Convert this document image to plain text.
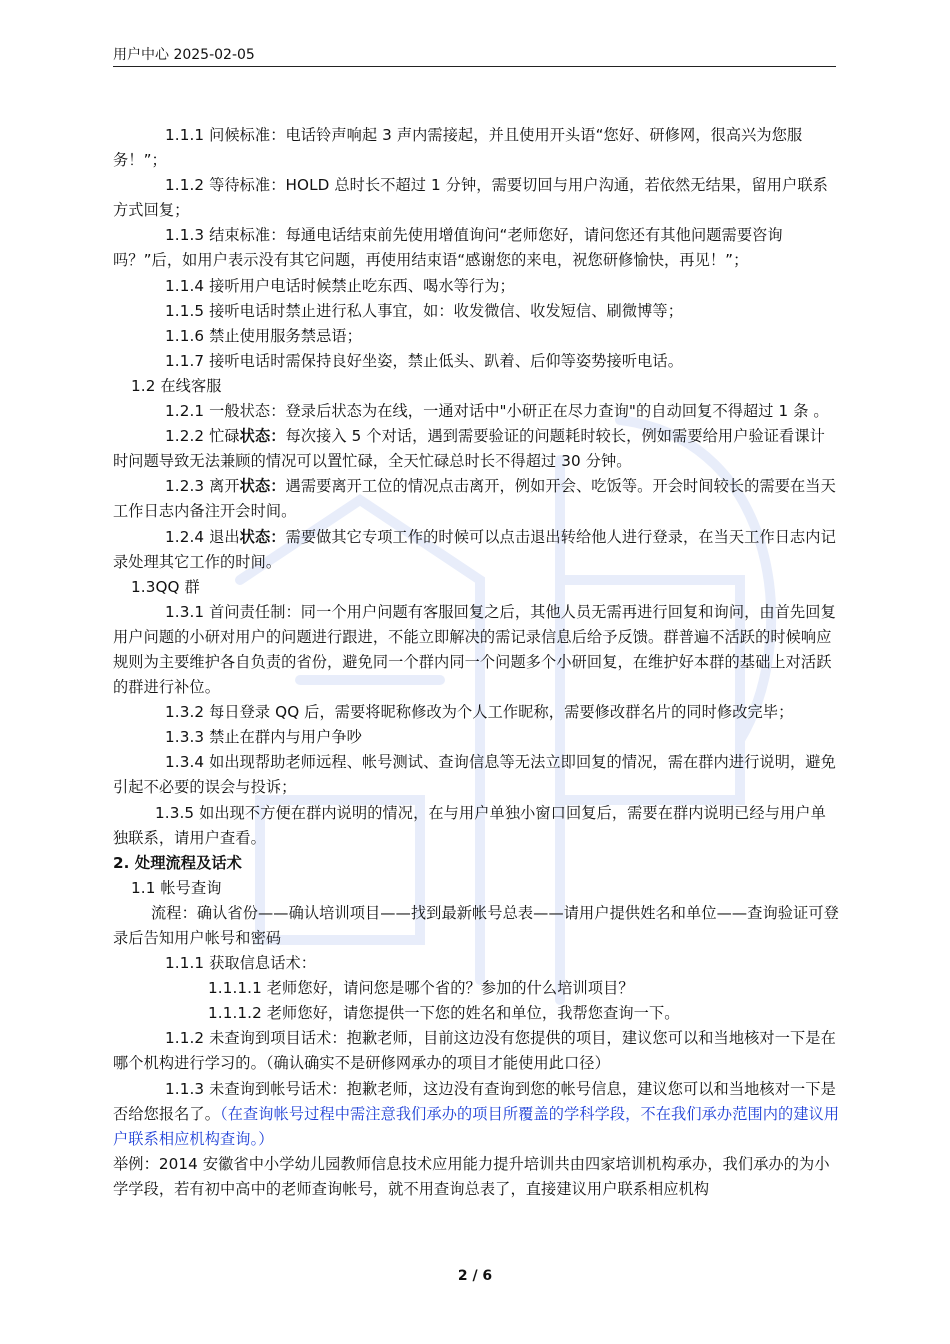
用户中心 2025-02-05

1.1.1 问候标准：电话铃声响起 3 声内需接起，并且使用开头语“您好、研修网，很高兴为您服务！”；

1.1.2 等待标准：HOLD 总时长不超过 1 分钟，需要切回与用户沟通，若依然无结果，留用户联系方式回复；

1.1.3 结束标准：每通电话结束前先使用增值询问“老师您好，请问您还有其他问题需要咨询吗？”后，如用户表示没有其它问题，再使用结束语“感谢您的来电，祝您研修愉快，再见！”；

1.1.4 接听用户电话时候禁止吃东西、喝水等行为；

1.1.5 接听电话时禁止进行私人事宜，如：收发微信、收发短信、刷微博等；

1.1.6 禁止使用服务禁忌语；

1.1.7 接听电话时需保持良好坐姿，禁止低头、趴着、后仰等姿势接听电话。

1.2 在线客服

1.2.1 一般状态：登录后状态为在线，一通对话中"小研正在尽力查询"的自动回复不得超过 1 条 。

1.2.2 忙碌状态：每次接入 5 个对话，遇到需要验证的问题耗时较长，例如需要给用户验证看课计时问题导致无法兼顾的情况可以置忙碌，全天忙碌总时长不得超过 30 分钟。

1.2.3 离开状态：遇需要离开工位的情况点击离开，例如开会、吃饭等。开会时间较长的需要在当天工作日志内备注开会时间。

1.2.4 退出状态：需要做其它专项工作的时候可以点击退出转给他人进行登录，在当天工作日志内记录处理其它工作的时间。

1.3QQ 群

1.3.1 首问责任制：同一个用户问题有客服回复之后，其他人员无需再进行回复和询问，由首先回复用户问题的小研对用户的问题进行跟进，不能立即解决的需记录信息后给予反馈。群普遍不活跃的时候响应规则为主要维护各自负责的省份，避免同一个群内同一个问题多个小研回复，在维护好本群的基础上对活跃的群进行补位。

1.3.2 每日登录 QQ 后，需要将昵称修改为个人工作昵称，需要修改群名片的同时修改完毕；

1.3.3 禁止在群内与用户争吵

1.3.4 如出现帮助老师远程、帐号测试、查询信息等无法立即回复的情况，需在群内进行说明，避免引起不必要的误会与投诉；

1.3.5 如出现不方便在群内说明的情况，在与用户单独小窗口回复后，需要在群内说明已经与用户单独联系，请用户查看。

2. 处理流程及话术

1.1 帐号查询

流程：确认省份——确认培训项目——找到最新帐号总表——请用户提供姓名和单位——查询验证可登录后告知用户帐号和密码

1.1.1 获取信息话术：

1.1.1.1 老师您好，请问您是哪个省的？参加的什么培训项目？

1.1.1.2 老师您好，请您提供一下您的姓名和单位，我帮您查询一下。

1.1.2 未查询到项目话术：抱歉老师，目前这边没有您提供的项目，建议您可以和当地核对一下是在哪个机构进行学习的。（确认确实不是研修网承办的项目才能使用此口径）

1.1.3 未查询到帐号话术：抱歉老师，这边没有查询到您的帐号信息，建议您可以和当地核对一下是否给您报名了。（在查询帐号过程中需注意我们承办的项目所覆盖的学科学段，不在我们承办范围内的建议用户联系相应机构查询。）

举例：2014 安徽省中小学幼儿园教师信息技术应用能力提升培训共由四家培训机构承办，我们承办的为小学学段，若有初中高中的老师查询帐号，就不用查询总表了，直接建议用户联系相应机构

2 / 6
